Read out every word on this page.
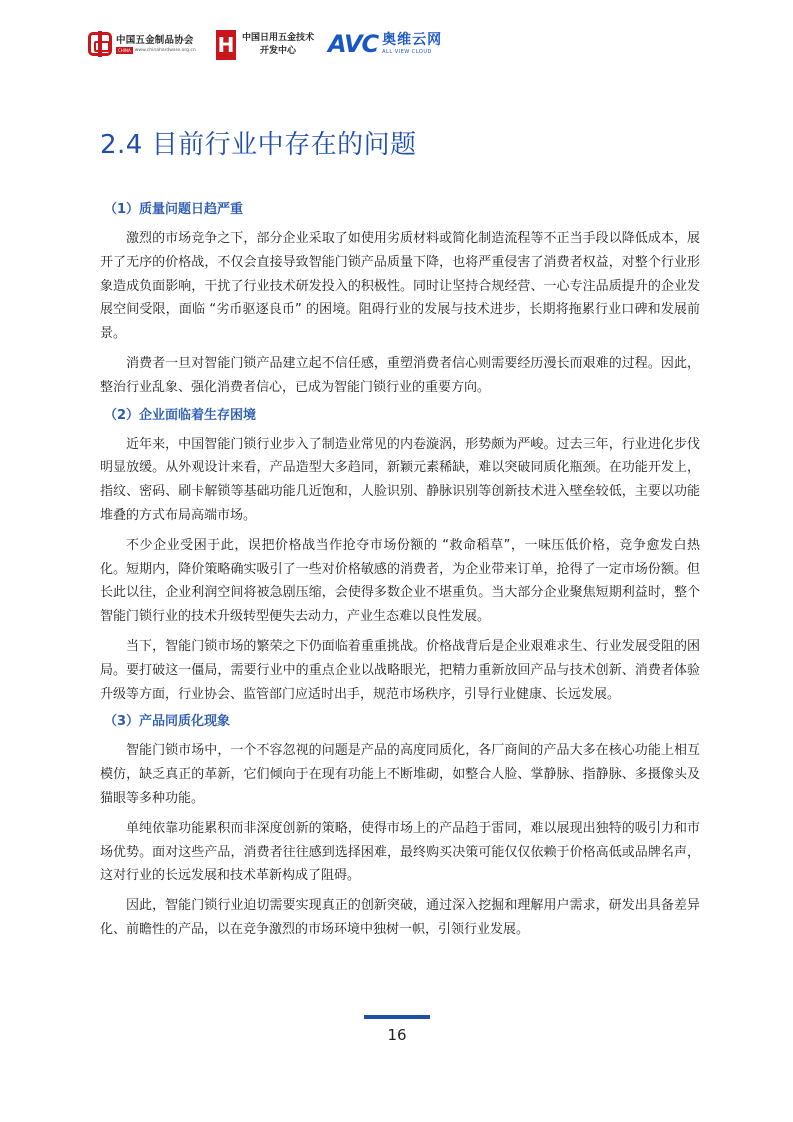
中国五金制品协会
CHINA www.chinahardware.org.cn H 中国日用五金技术
开发中心 AVC 奥维云网
ALL VIEW CLOUD
2.4 目前行业中存在的问题
（1）质量问题日趋严重

激烈的市场竞争之下，部分企业采取了如使用劣质材料或简化制造流程等不正当手段以降低成本，展开了无序的价格战，不仅会直接导致智能门锁产品质量下降，也将严重侵害了消费者权益，对整个行业形象造成负面影响，干扰了行业技术研发投入的积极性。同时让坚持合规经营、一心专注品质提升的企业发展空间受限，面临 “劣币驱逐良币” 的困境。阻碍行业的发展与技术进步，长期将拖累行业口碑和发展前景。

消费者一旦对智能门锁产品建立起不信任感，重塑消费者信心则需要经历漫长而艰难的过程。因此，整治行业乱象、强化消费者信心，已成为智能门锁行业的重要方向。

（2）企业面临着生存困境

近年来，中国智能门锁行业步入了制造业常见的内卷漩涡，形势颇为严峻。过去三年，行业进化步伐明显放缓。从外观设计来看，产品造型大多趋同，新颖元素稀缺，难以突破同质化瓶颈。在功能开发上，指纹、密码、刷卡解锁等基础功能几近饱和，人脸识别、静脉识别等创新技术进入壁垒较低，主要以功能堆叠的方式布局高端市场。

不少企业受困于此，误把价格战当作抢夺市场份额的 “救命稻草”，一味压低价格，竞争愈发白热化。短期内，降价策略确实吸引了一些对价格敏感的消费者，为企业带来订单，抢得了一定市场份额。但长此以往，企业利润空间将被急剧压缩，会使得多数企业不堪重负。当大部分企业聚焦短期利益时，整个智能门锁行业的技术升级转型便失去动力，产业生态难以良性发展。

当下，智能门锁市场的繁荣之下仍面临着重重挑战。价格战背后是企业艰难求生、行业发展受阻的困局。要打破这一僵局，需要行业中的重点企业以战略眼光，把精力重新放回产品与技术创新、消费者体验升级等方面，行业协会、监管部门应适时出手，规范市场秩序，引导行业健康、长远发展。

（3）产品同质化现象

智能门锁市场中，一个不容忽视的问题是产品的高度同质化，各厂商间的产品大多在核心功能上相互模仿，缺乏真正的革新，它们倾向于在现有功能上不断堆砌，如整合人脸、掌静脉、指静脉、多摄像头及猫眼等多种功能。

单纯依靠功能累积而非深度创新的策略，使得市场上的产品趋于雷同，难以展现出独特的吸引力和市场优势。面对这些产品，消费者往往感到选择困难，最终购买决策可能仅仅依赖于价格高低或品牌名声，这对行业的长远发展和技术革新构成了阻碍。

因此，智能门锁行业迫切需要实现真正的创新突破，通过深入挖掘和理解用户需求，研发出具备差异化、前瞻性的产品，以在竞争激烈的市场环境中独树一帜，引领行业发展。

16
